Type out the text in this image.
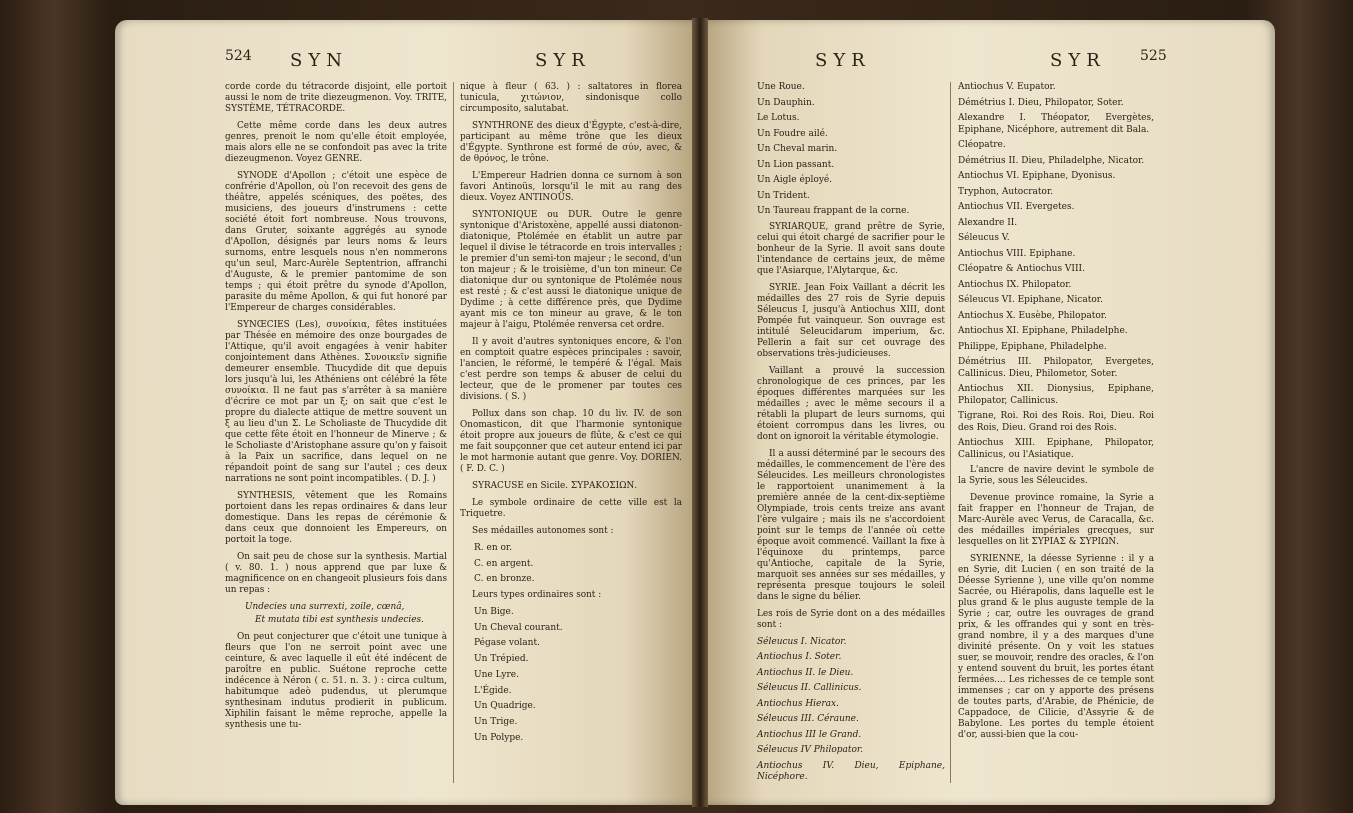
524 SYN	SYR

corde corde du tétracorde disjoint, elle portoit aussi le nom de trite diezeugmenon. Voy. TRITE, SYSTÈME, TÉTRACORDE.

Cette même corde dans les deux autres genres, prenoit le nom qu'elle étoit employée, mais alors elle ne se confondoit pas avec la trite diezeugmenon. Voyez GENRE.

SYNODE d'Apollon ; c'étoit une espèce de confrérie d'Apollon, où l'on recevoit des gens de théâtre, appelés scéniques, des poëtes, des musiciens, des joueurs d'instrumens : cette société étoit fort nombreuse. Nous trouvons, dans Gruter, soixante aggrégés au synode d'Apollon, désignés par leurs noms & leurs surnoms, entre lesquels nous n'en nommerons qu'un seul, Marc-Aurèle Septentrion, affranchi d'Auguste, & le premier pantomime de son temps ; qui étoit prêtre du synode d'Apollon, parasite du même Apollon, & qui fut honoré par l'Empereur de charges considérables.

SYNŒCIES (Les), συνοίκια, fêtes instituées par Thésée en mémoire des onze bourgades de l'Attique, qu'il avoit engagées à venir habiter conjointement dans Athènes. Συνοικεῖν signifie demeurer ensemble. Thucydide dit que depuis lors jusqu'à lui, les Athéniens ont célébré la fête συνοίκια. Il ne faut pas s'arrêter à sa manière d'écrire ce mot par un ξ; on sait que c'est le propre du dialecte attique de mettre souvent un ξ au lieu d'un Σ. Le Scholiaste de Thucydide dit que cette fête étoit en l'honneur de Minerve ; & le Scholiaste d'Aristophane assure qu'on y faisoit à la Paix un sacrifice, dans lequel on ne répandoit point de sang sur l'autel ; ces deux narrations ne sont point incompatibles. ( D. J. )

SYNTHESIS, vêtement que les Romains portoient dans les repas ordinaires & dans leur domestique. Dans les repas de cérémonie & dans ceux que donnoient les Empereurs, on portoit la toge.

On sait peu de chose sur la synthesis. Martial ( v. 80. 1. ) nous apprend que par luxe & magnificence on en changeoit plusieurs fois dans un repas :

Undecies una surrexti, zoile, cœnâ,

Et mutata tibi est synthesis undecies.

On peut conjecturer que c'étoit une tunique à fleurs que l'on ne serroit point avec une ceinture, & avec laquelle il eût été indécent de paroître en public. Suétone reproche cette indécence à Néron ( c. 51. n. 3. ) : circa cultum, habitumque adeò pudendus, ut plerumque synthesinam indutus prodierit in publicum. Xiphilin faisant le même reproche, appelle la synthesis une tu-

nique à fleur ( 63. ) : saltatores in florea tunicula, χιτώνιον, sindonisque collo circumposito, salutabat.

SYNTHRONE des dieux d'Égypte, c'est-à-dire, participant au même trône que les dieux d'Égypte. Synthrone est formé de σύν, avec, & de θρόνος, le trône.

L'Empereur Hadrien donna ce surnom à son favori Antinoüs, lorsqu'il le mit au rang des dieux. Voyez ANTINOÜS.

SYNTONIQUE ou DUR. Outre le genre syntonique d'Aristoxène, appellé aussi diatonon-diatonique, Ptolémée en établit un autre par lequel il divise le tétracorde en trois intervalles ; le premier d'un semi-ton majeur ; le second, d'un ton majeur ; & le troisième, d'un ton mineur. Ce diatonique dur ou syntonique de Ptolémée nous est resté ; & c'est aussi le diatonique unique de Dydime ; à cette différence près, que Dydime ayant mis ce ton mineur au grave, & le ton majeur à l'aigu, Ptolémée renversa cet ordre.

Il y avoit d'autres syntoniques encore, & l'on en comptoit quatre espèces principales : savoir, l'ancien, le réformé, le tempéré & l'égal. Mais c'est perdre son temps & abuser de celui du lecteur, que de le promener par toutes ces divisions. ( S. )

Pollux dans son chap. 10 du liv. IV. de son Onomasticon, dit que l'harmonie syntonique étoit propre aux joueurs de flûte, & c'est ce qui me fait soupçonner que cet auteur entend ici par le mot harmonie autant que genre. Voy. DORIEN. ( F. D. C. )

SYRACUSE en Sicile. ΣΥΡΑΚΟΣΙΩΝ.

Le symbole ordinaire de cette ville est la Triquetre.

Ses médailles autonomes sont :

R. en or.
C. en argent.
C. en bronze.

Leurs types ordinaires sont :

Un Bige.
Un Cheval courant.
Pégase volant.
Un Trépied.
Une Lyre.
L'Égide.
Un Quadrige.
Un Trige.
Un Polype.
SYR	SYR 525
Une Roue.
Un Dauphin.
Le Lotus.
Un Foudre ailé.
Un Cheval marin.
Un Lion passant.
Un Aigle éployé.
Un Trident.
Un Taureau frappant de la corne.

SYRIARQUE, grand prêtre de Syrie, celui qui étoit chargé de sacrifier pour le bonheur de la Syrie. Il avoit sans doute l'intendance de certains jeux, de même que l'Asiarque, l'Alytarque, &c.

SYRIE. Jean Foix Vaillant a décrit les médailles des 27 rois de Syrie depuis Séleucus I, jusqu'à Antiochus XIII, dont Pompée fut vainqueur. Son ouvrage est intitulé Seleucidarum imperium, &c. Pellerin a fait sur cet ouvrage des observations très-judicieuses.

Vaillant a prouvé la succession chronologique de ces princes, par les époques différentes marquées sur les médailles ; avec le même secours il a rétabli la plupart de leurs surnoms, qui étoient corrompus dans les livres, ou dont on ignoroit la véritable étymologie.

Il a aussi déterminé par le secours des médailles, le commencement de l'ère des Séleucides. Les meilleurs chronologistes le rapportoient unanimement à la première année de la cent-dix-septième Olympiade, trois cents treize ans avant l'ère vulgaire ; mais ils ne s'accordoient point sur le temps de l'année où cette époque avoit commencé. Vaillant la fixe à l'équinoxe du printemps, parce qu'Antioche, capitale de la Syrie, marquoit ses années sur ses médailles, y représenta presque toujours le soleil dans le signe du bélier.

Les rois de Syrie dont on a des médailles sont :

Séleucus I. Nicator.
Antiochus I. Soter.
Antiochus II. le Dieu.
Séleucus II. Callinicus.
Antiochus Hierax.
Séleucus III. Céraune.
Antiochus III le Grand.
Séleucus IV Philopator.
Antiochus IV. Dieu, Epiphane, Nicéphore.
Antiochus V. Eupator.
Démétrius I. Dieu, Philopator, Soter.
Alexandre I. Théopator, Evergètes, Epiphane, Nicéphore, autrement dit Bala.
Cléopatre.
Démétrius II. Dieu, Philadelphe, Nicator.
Antiochus VI. Epiphane, Dyonisus.
Tryphon, Autocrator.
Antiochus VII. Evergetes.
Alexandre II.
Séleucus V.
Antiochus VIII. Epiphane.
Cléopatre & Antiochus VIII.
Antiochus IX. Philopator.
Séleucus VI. Epiphane, Nicator.
Antiochus X. Eusèbe, Philopator.
Antiochus XI. Epiphane, Philadelphe.
Philippe, Epiphane, Philadelphe.
Démétrius III. Philopator, Evergetes, Callinicus. Dieu, Philometor, Soter.
Antiochus XII. Dionysius, Epiphane, Philopator, Callinicus.
Tigrane, Roi. Roi des Rois. Roi, Dieu. Roi des Rois, Dieu. Grand roi des Rois.
Antiochus XIII. Epiphane, Philopator, Callinicus, ou l'Asiatique.

L'ancre de navire devint le symbole de la Syrie, sous les Séleucides.

Devenue province romaine, la Syrie a fait frapper en l'honneur de Trajan, de Marc-Aurèle avec Verus, de Caracalla, &c. des médailles impériales grecques, sur lesquelles on lit ΣΥΡΙΑΣ & ΣΥΡΙΩΝ.

SYRIENNE, la déesse Syrienne : il y a en Syrie, dit Lucien ( en son traité de la Déesse Syrienne ), une ville qu'on nomme Sacrée, ou Hiérapolis, dans laquelle est le plus grand & le plus auguste temple de la Syrie ; car, outre les ouvrages de grand prix, & les offrandes qui y sont en très-grand nombre, il y a des marques d'une divinité présente. On y voit les statues suer, se mouvoir, rendre des oracles, & l'on y entend souvent du bruit, les portes étant fermées.... Les richesses de ce temple sont immenses ; car on y apporte des présens de toutes parts, d'Arabie, de Phénicie, de Cappadoce, de Cilicie, d'Assyrie & de Babylone. Les portes du temple étoient d'or, aussi-bien que la cou-
